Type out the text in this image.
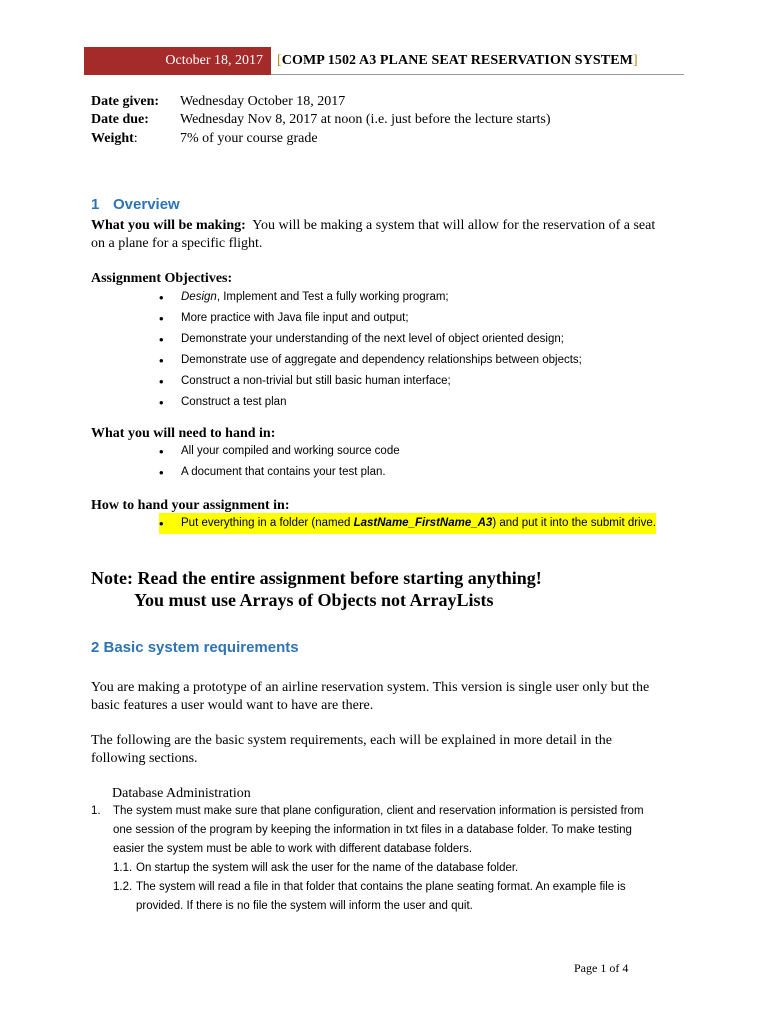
October 18, 2017	[COMP 1502 A3 PLANE SEAT RESERVATION SYSTEM]
Date given: Wednesday October 18, 2017
Date due: Wednesday Nov 8, 2017 at noon (i.e. just before the lecture starts)
Weight:	7% of your course grade
1 Overview
What you will be making: You will be making a system that will allow for the reservation of a seat
on a plane for a specific flight.
Assignment Objectives:
• Design, Implement and Test a fully working program;
• More practice with Java file input and output;
• Demonstrate your understanding of the next level of object oriented design;
• Demonstrate use of aggregate and dependency relationships between objects;
• Construct a non-trivial but still basic human interface;
• Construct a test plan
What you will need to hand in:
• All your compiled and working source code
• A document that contains your test plan.
How to hand your assignment in:
• Put everything in a folder (named LastName_FirstName_A3) and put it into the submit drive.
Note: Read the entire assignment before starting anything!
You must use Arrays of Objects not ArrayLists
2 Basic system requirements
You are making a prototype of an airline reservation system. This version is single user only but the
basic features a user would want to have are there.
The following are the basic system requirements, each will be explained in more detail in the
following sections.
Database Administration
1. The system must make sure that plane configuration, client and reservation information is persisted from
one session of the program by keeping the information in txt files in a database folder. To make testing
easier the system must be able to work with different database folders.
1.1. On startup the system will ask the user for the name of the database folder.
1.2. The system will read a file in that folder that contains the plane seating format. An example file is
provided. If there is no file the system will inform the user and quit.
Page 1 of 4
